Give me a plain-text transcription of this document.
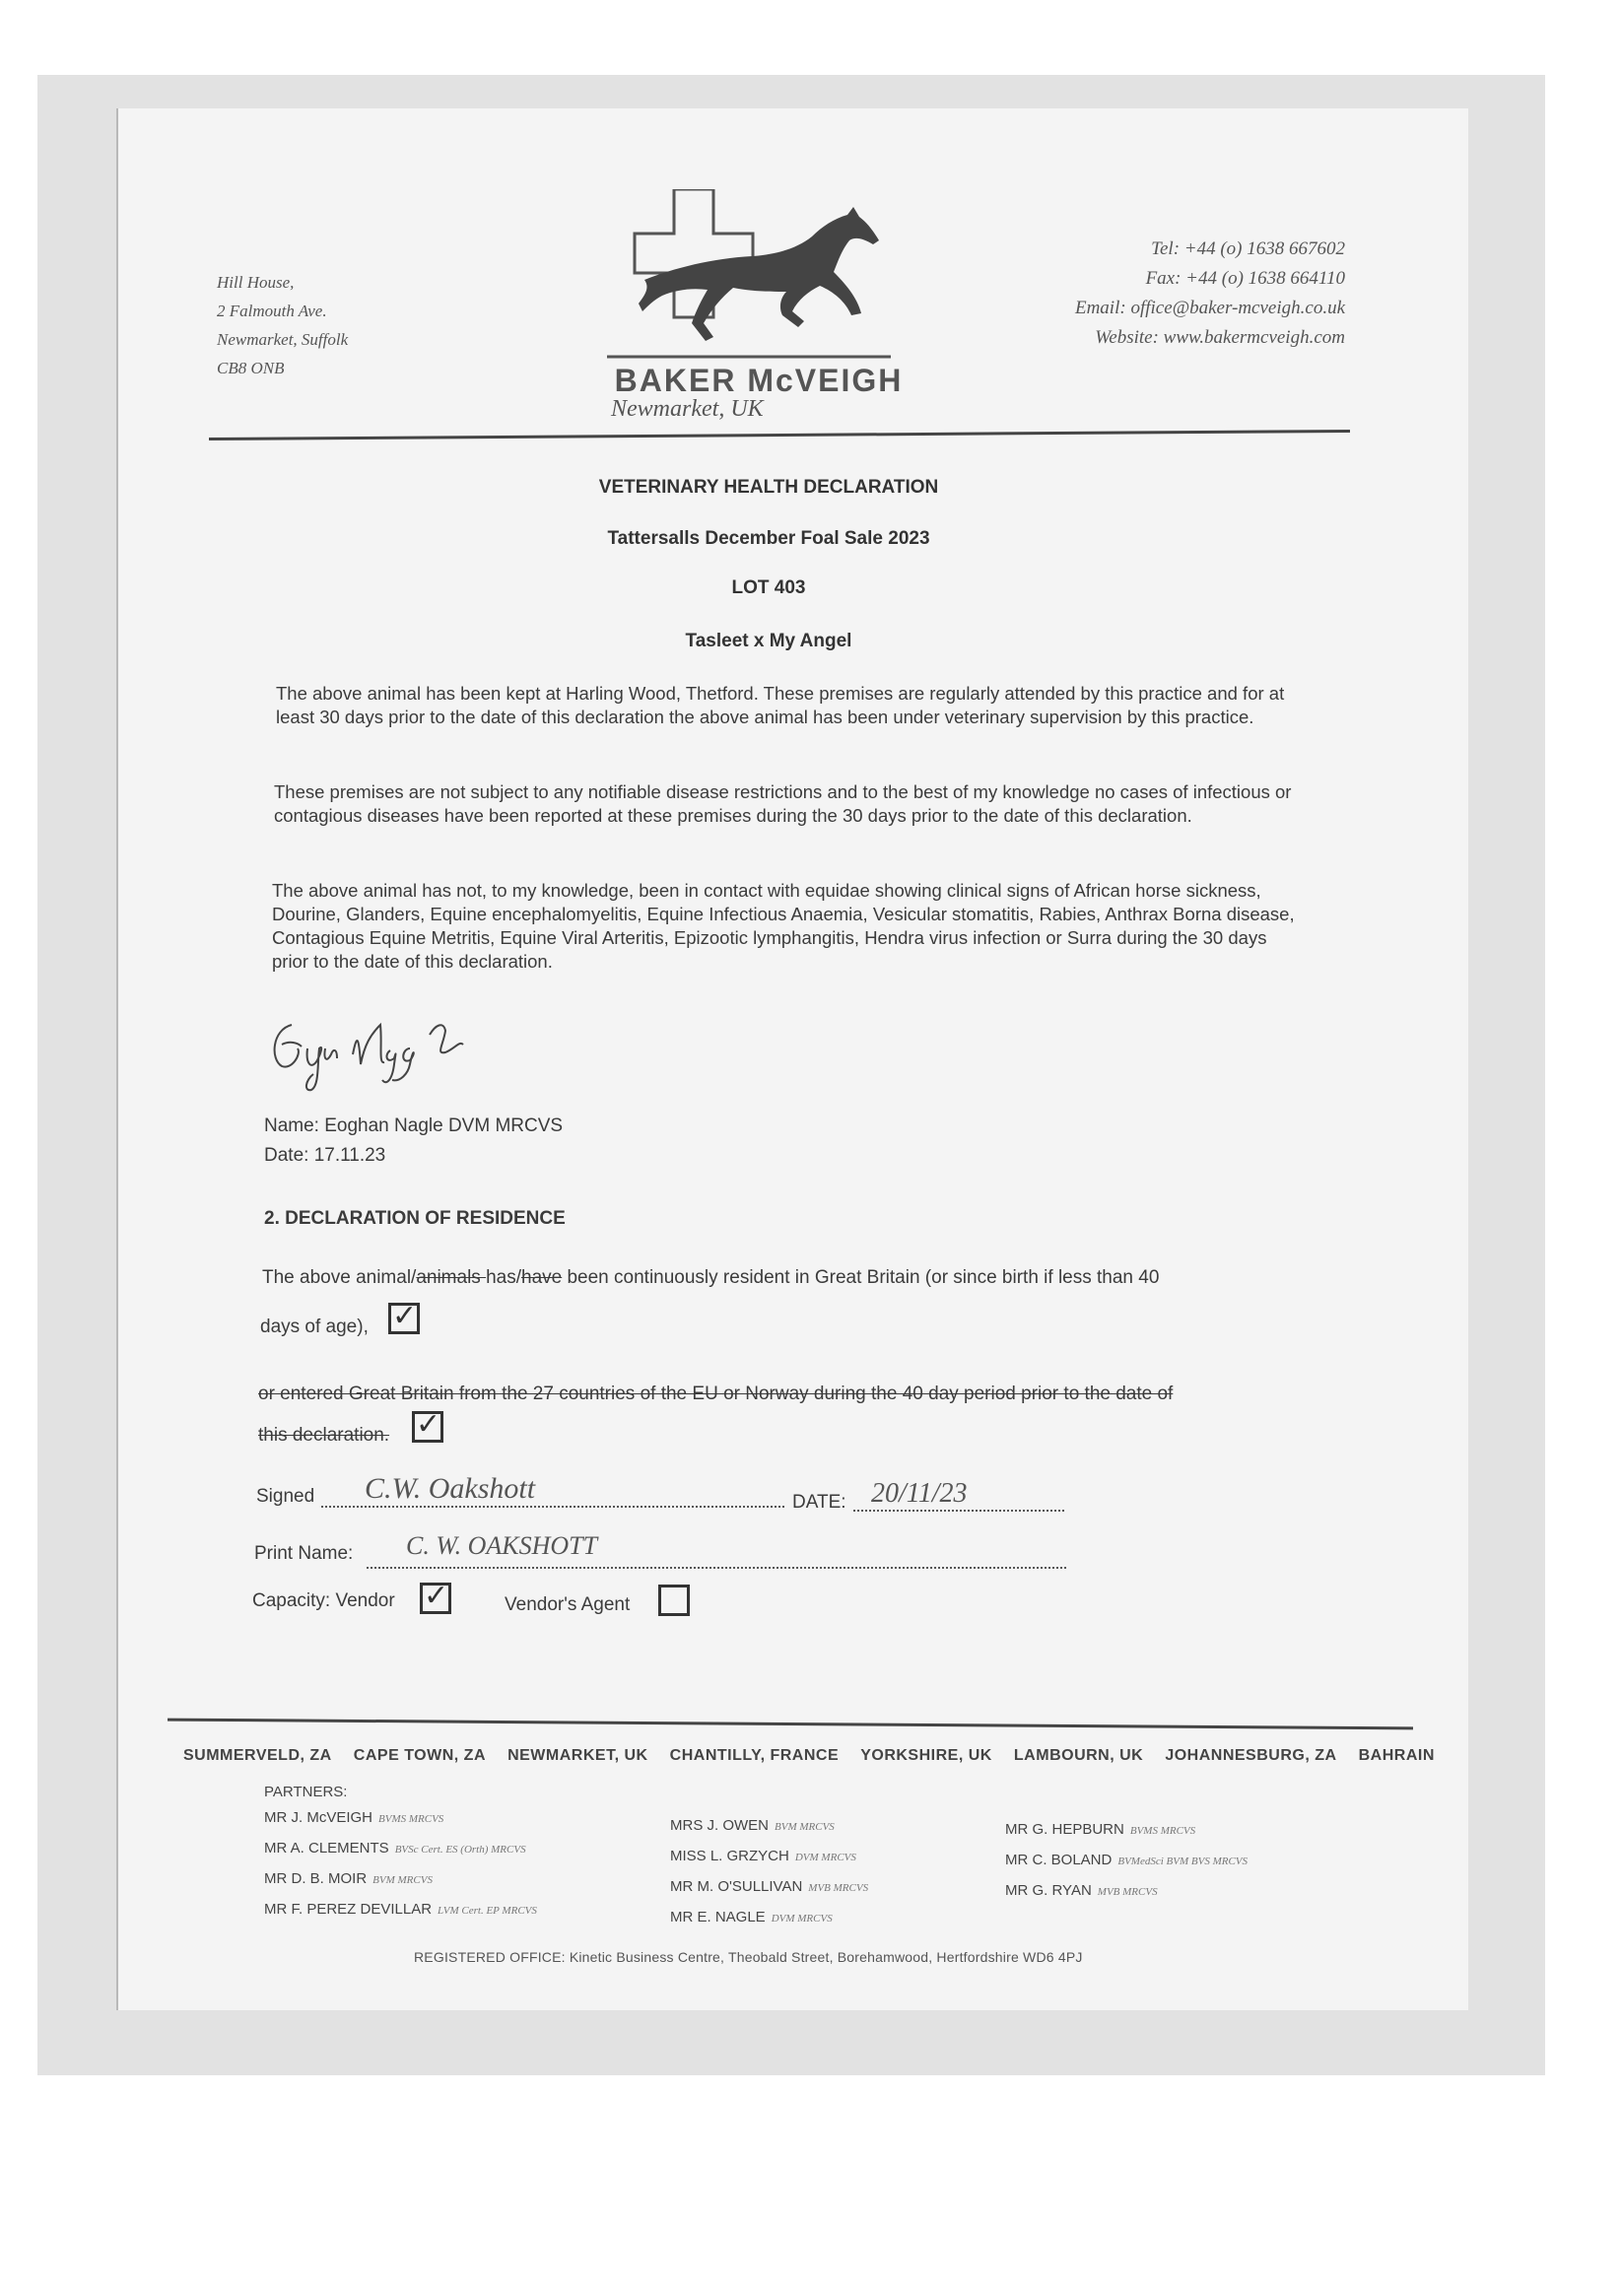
Hill House,
2 Falmouth Ave.
Newmarket, Suffolk
CB8 ONB	BAKER McVEIGH
Newmarket, UK
Tel: +44 (o) 1638 667602
Fax: +44 (o) 1638 664110
Email: office@baker-mcveigh.co.uk
Website: www.bakermcveigh.com
VETERINARY HEALTH DECLARATION
Tattersalls December Foal Sale 2023
LOT 403
Tasleet x My Angel
The above animal has been kept at Harling Wood, Thetford. These premises are regularly attended by this practice and for at least 30 days prior to the date of this declaration the above animal has been under veterinary supervision by this practice.
These premises are not subject to any notifiable disease restrictions and to the best of my knowledge no cases of infectious or contagious diseases have been reported at these premises during the 30 days prior to the date of this declaration.
The above animal has not, to my knowledge, been in contact with equidae showing clinical signs of African horse sickness, Dourine, Glanders, Equine encephalomyelitis, Equine Infectious Anaemia, Vesicular stomatitis, Rabies, Anthrax Borna disease, Contagious Equine Metritis, Equine Viral Arteritis, Epizootic lymphangitis, Hendra virus infection or Surra during the 30 days prior to the date of this declaration.
Name: Eoghan Nagle DVM MRCVS
Date: 17.11.23
2. DECLARATION OF RESIDENCE
The above animal/animals has/have been continuously resident in Great Britain (or since birth if less than 40
days of age), ✓
or entered Great Britain from the 27 countries of the EU or Norway during the 40 day period prior to the date of
this declaration. ✓
Signed C.W. Oakshott	DATE: 20/11/23
Print Name: C. W. OAKSHOTT
Capacity: Vendor ✓	Vendor's Agent
SUMMERVELD, ZA CAPE TOWN, ZA NEWMARKET, UK CHANTILLY, FRANCE YORKSHIRE, UK LAMBOURN, UK JOHANNESBURG, ZA BAHRAIN
PARTNERS:
MR J. McVEIGH BVMS MRCVS
MR A. CLEMENTS BVSc Cert. ES (Orth) MRCVS
MR D. B. MOIR BVM MRCVS
MR F. PEREZ DEVILLAR LVM Cert. EP MRCVS
MRS J. OWEN BVM MRCVS
MISS L. GRZYCH DVM MRCVS
MR M. O'SULLIVAN MVB MRCVS
MR E. NAGLE DVM MRCVS
MR G. HEPBURN BVMS MRCVS
MR C. BOLAND BVMedSci BVM BVS MRCVS
MR G. RYAN MVB MRCVS
REGISTERED OFFICE: Kinetic Business Centre, Theobald Street, Borehamwood, Hertfordshire WD6 4PJ
